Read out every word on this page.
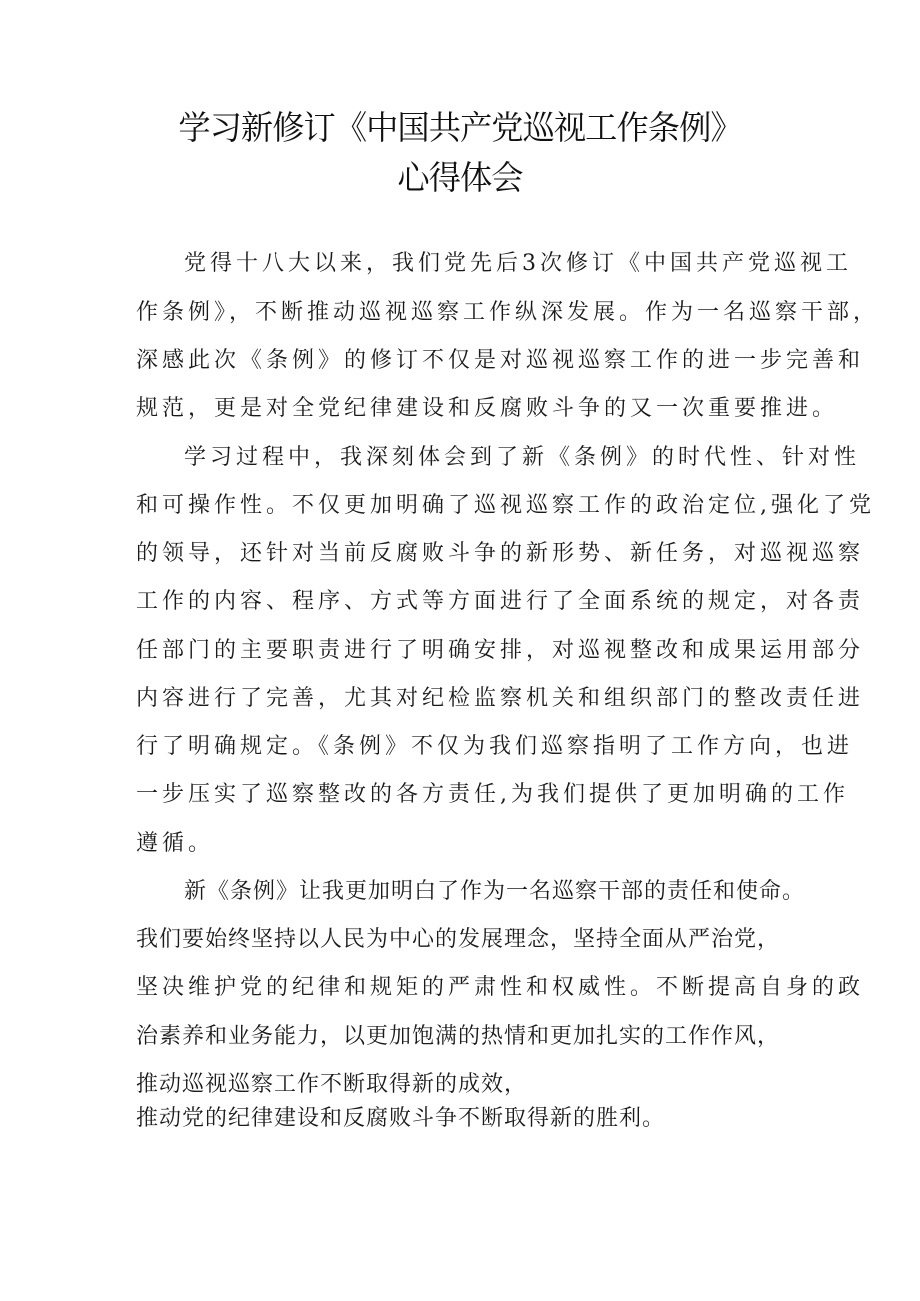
学习新修订《中国共产党巡视工作条例》
心得体会
党得十八大以来，我们党先后3次修订《中国共产党巡视工
作条例》，不断推动巡视巡察工作纵深发展。作为一名巡察干部，
深感此次《条例》的修订不仅是对巡视巡察工作的进一步完善和
规范，更是对全党纪律建设和反腐败斗争的又一次重要推进。
学习过程中，我深刻体会到了新《条例》的时代性、针对性
和可操作性。不仅更加明确了巡视巡察工作的政治定位,强化了党
的领导，还针对当前反腐败斗争的新形势、新任务，对巡视巡察
工作的内容、程序、方式等方面进行了全面系统的规定，对各责
任部门的主要职责进行了明确安排，对巡视整改和成果运用部分
内容进行了完善，尤其对纪检监察机关和组织部门的整改责任进
行了明确规定。《条例》不仅为我们巡察指明了工作方向，也进
一步压实了巡察整改的各方责任,为我们提供了更加明确的工作
遵循。
新《条例》让我更加明白了作为一名巡察干部的责任和使命。
我们要始终坚持以人民为中心的发展理念，坚持全面从严治党，
坚决维护党的纪律和规矩的严肃性和权威性。不断提高自身的政
治素养和业务能力，以更加饱满的热情和更加扎实的工作作风，
推动巡视巡察工作不断取得新的成效，
推动党的纪律建设和反腐败斗争不断取得新的胜利。
